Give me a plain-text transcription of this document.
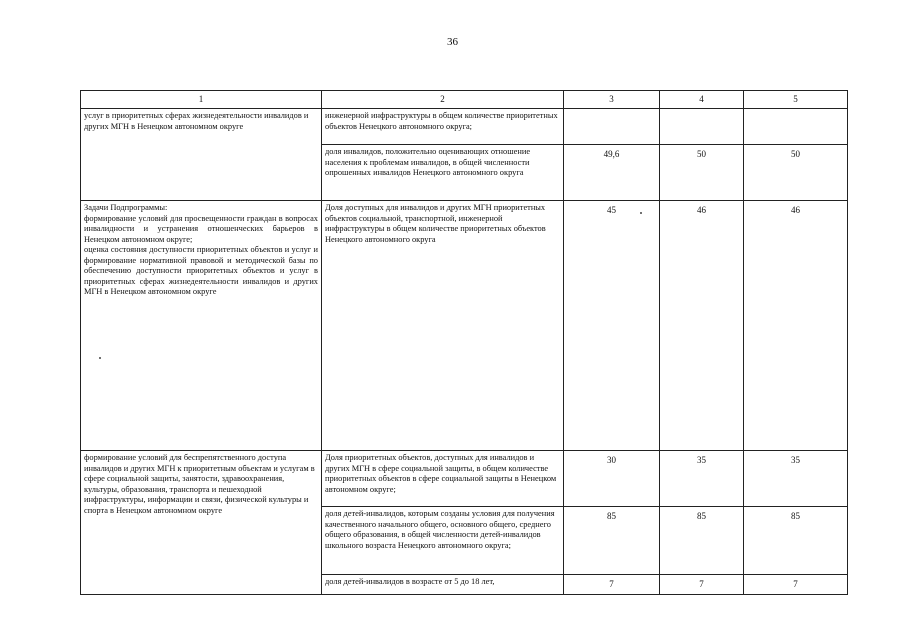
36
1	2	3	4	5
услуг в приоритетных сферах жизнедеятельности инвалидов и других МГН в Ненецком автономном округе	инженерной инфраструктуры в общем количестве приоритетных объектов Ненецкого автономного округа;			
	доля инвалидов, положительно оценивающих отношение населения к проблемам инвалидов, в общей численности опрошенных инвалидов Ненецкого автономного округа	49,6	50	50

Задачи Подпрограммы:
формирование условий для просвещенности граждан в вопросах инвалидности и устранения отношенческих барьеров в Ненецком автономном округе;
оценка состояния доступности приоритетных объектов и услуг и формирование нормативной правовой и методической базы по обеспечению доступности приоритетных объектов и услуг в приоритетных сферах жизнедеятельности инвалидов и других МГН в Ненецком автономном округе	Доля доступных для инвалидов и других МГН приоритетных объектов социальной, транспортной, инженерной инфраструктуры в общем количестве приоритетных объектов Ненецкого автономного округа	45	46	46
формирование условий для беспрепятственного доступа инвалидов и других МГН к приоритетным объектам и услугам в сфере социальной защиты, занятости, здравоохранения, культуры, образования, транспорта и пешеходной инфраструктуры, информации и связи, физической культуры и спорта в Ненецком автономном округе	Доля приоритетных объектов, доступных для инвалидов и других МГН в сфере социальной защиты, в общем количестве приоритетных объектов в сфере социальной защиты в Ненецком автономном округе;	30	35	35
	доля детей-инвалидов, которым созданы условия для получения качественного начального общего, основного общего, среднего общего образования, в общей численности детей-инвалидов школьного возраста Ненецкого автономного округа;	85	85	85
	доля детей-инвалидов в возрасте от 5 до 18 лет,	7	7	7
